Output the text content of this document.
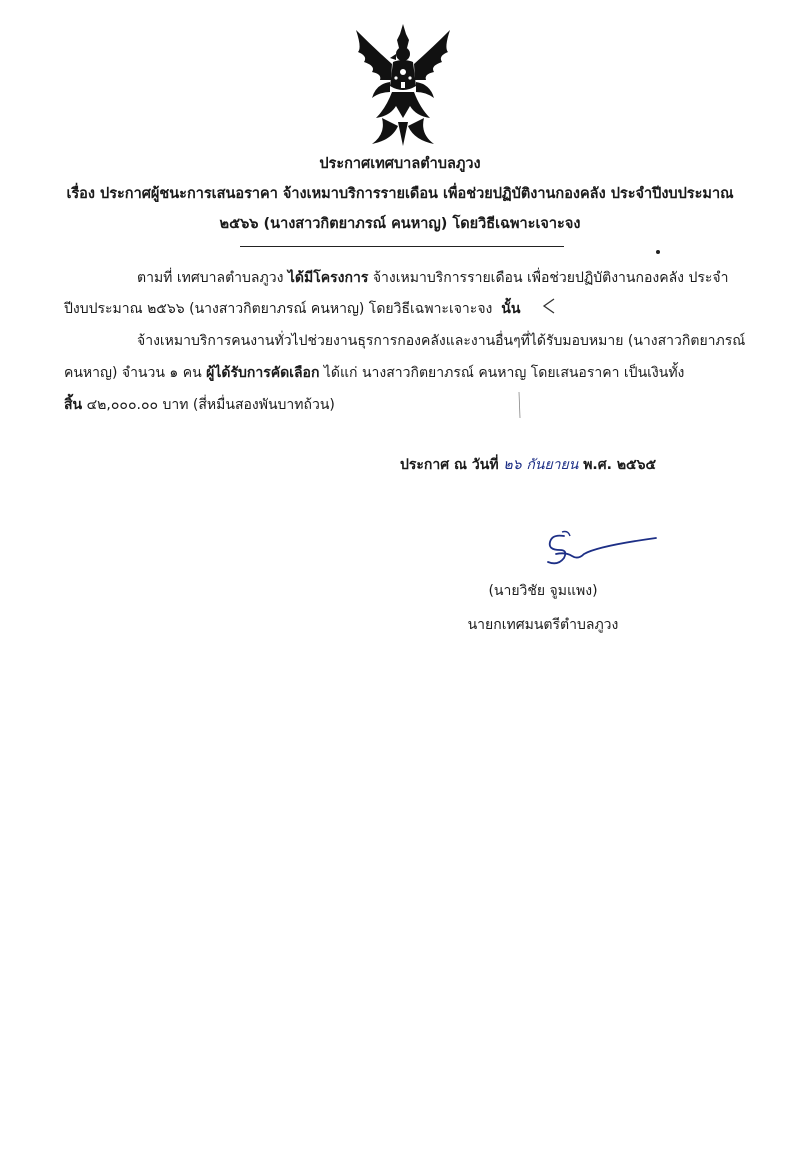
ประกาศเทศบาลตำบลภูวง
เรื่อง ประกาศผู้ชนะการเสนอราคา จ้างเหมาบริการรายเดือน เพื่อช่วยปฏิบัติงานกองคลัง ประจำปีงบประมาณ
๒๕๖๖ (นางสาวกิตยาภรณ์ คนหาญ) โดยวิธีเฉพาะเจาะจง
ตามที่ เทศบาลตำบลภูวง ได้มีโครงการ จ้างเหมาบริการรายเดือน เพื่อช่วยปฏิบัติงานกองคลัง ประจำ
ปีงบประมาณ ๒๕๖๖ (นางสาวกิตยาภรณ์ คนหาญ) โดยวิธีเฉพาะเจาะจง นั้น
จ้างเหมาบริการคนงานทั่วไปช่วยงานธุรการกองคลังและงานอื่นๆที่ได้รับมอบหมาย (นางสาวกิตยาภรณ์
คนหาญ) จำนวน ๑ คน ผู้ได้รับการคัดเลือก ได้แก่ นางสาวกิตยาภรณ์ คนหาญ โดยเสนอราคา เป็นเงินทั้ง
สิ้น ๔๒,๐๐๐.๐๐ บาท (สี่หมื่นสองพันบาทถ้วน)
ประกาศ ณ วันที่ ๒๖ กันยายน พ.ศ. ๒๕๖๕
(นายวิชัย จูมแพง)
นายกเทศมนตรีตำบลภูวง
